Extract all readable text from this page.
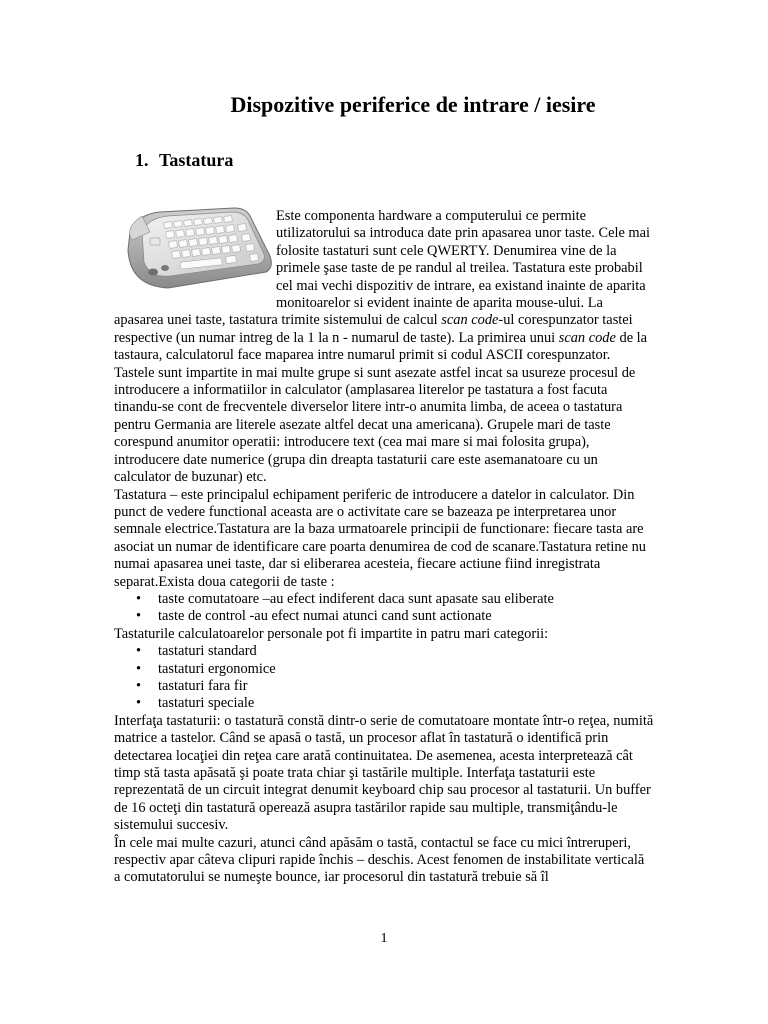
Dispozitive periferice de intrare / iesire
1. Tastatura

Este componenta hardware a computerului ce permite utilizatorului sa introduca date prin apasarea unor taste. Cele mai folosite tastaturi sunt cele QWERTY. Denumirea vine de la primele şase taste de pe randul al treilea. Tastatura este probabil cel mai vechi dispozitiv de intrare, ea existand inainte de aparita monitoarelor si evident inainte de aparita mouse-ului. La apasarea unei taste, tastatura trimite sistemului de calcul scan code-ul corespunzator tastei respective (un numar intreg de la 1 la n - numarul de taste). La primirea unui scan code de la tastaura, calculatorul face maparea intre numarul primit si codul ASCII corespunzator. Tastele sunt impartite in mai multe grupe si sunt asezate astfel incat sa usureze procesul de introducere a informatiilor in calculator (amplasarea literelor pe tastatura a fost facuta tinandu-se cont de frecventele diverselor litere intr-o anumita limba, de aceea o tastatura pentru Germania are literele asezate altfel decat una americana). Grupele mari de taste corespund anumitor operatii: introducere text (cea mai mare si mai folosita grupa), introducere date numerice (grupa din dreapta tastaturii care este asemanatoare cu un calculator de buzunar) etc.

Tastatura – este principalul echipament periferic de introducere a datelor in calculator. Din punct de vedere functional aceasta are o activitate care se bazeaza pe interpretarea unor semnale electrice.Tastatura are la baza urmatoarele principii de functionare: fiecare tasta are asociat un numar de identificare care poarta denumirea de cod de scanare.Tastatura retine nu numai apasarea unei taste, dar si eliberarea acesteia, fiecare actiune fiind inregistrata separat.Exista doua categorii de taste :

• taste comutatoare –au efect indiferent daca sunt apasate sau eliberate
• taste de control -au efect numai atunci cand sunt actionate

Tastaturile calculatoarelor personale pot fi impartite in patru mari categorii:

• tastaturi standard
• tastaturi ergonomice
• tastaturi fara fir
• tastaturi speciale

Interfaţa tastaturii: o tastatură constă dintr-o serie de comutatoare montate într-o reţea, numită matrice a tastelor. Când se apasă o tastă, un procesor aflat în tastatură o identifică prin detectarea locaţiei din reţea care arată continuitatea. De asemenea, acesta interpretează cât timp stă tasta apăsată şi poate trata chiar şi tastările multiple. Interfaţa tastaturii este reprezentată de un circuit integrat denumit keyboard chip sau procesor al tastaturii. Un buffer de 16 octeţi din tastatură operează asupra tastărilor rapide sau multiple, transmiţându-le sistemului succesiv.

În cele mai multe cazuri, atunci când apăsăm o tastă, contactul se face cu mici întreruperi, respectiv apar câteva clipuri rapide închis – deschis. Acest fenomen de instabilitate verticală a comutatorului se numeşte bounce, iar procesorul din tastatură trebuie să îl

1
